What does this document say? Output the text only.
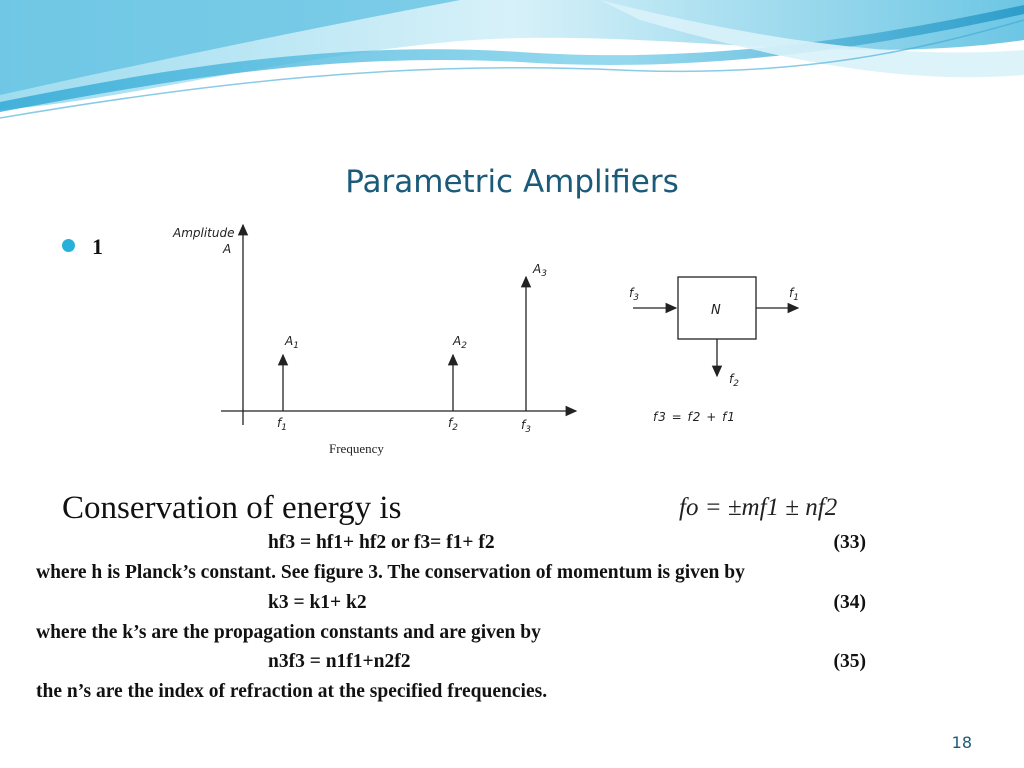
Parametric Amplifiers
1
Amplitude
A
Frequency
$A_1$
$f_1$
$A_2$
$f_2$
$A_3$
$f_3$
N
$f_3$	$f_1$
$f_2$
f3 = f2 + f1
Conservation of energy is	fo = ±mf1 ± nf2
hf3 = hf1+ hf2 or f3= f1+ f2	(33)
where h is Planck’s constant. See figure 3. The conservation of momentum is given by
k3 = k1+ k2	(34)
where the k’s are the propagation constants and are given by
n3f3 = n1f1+n2f2	(35)
the n’s are the index of refraction at the specified frequencies.
18
